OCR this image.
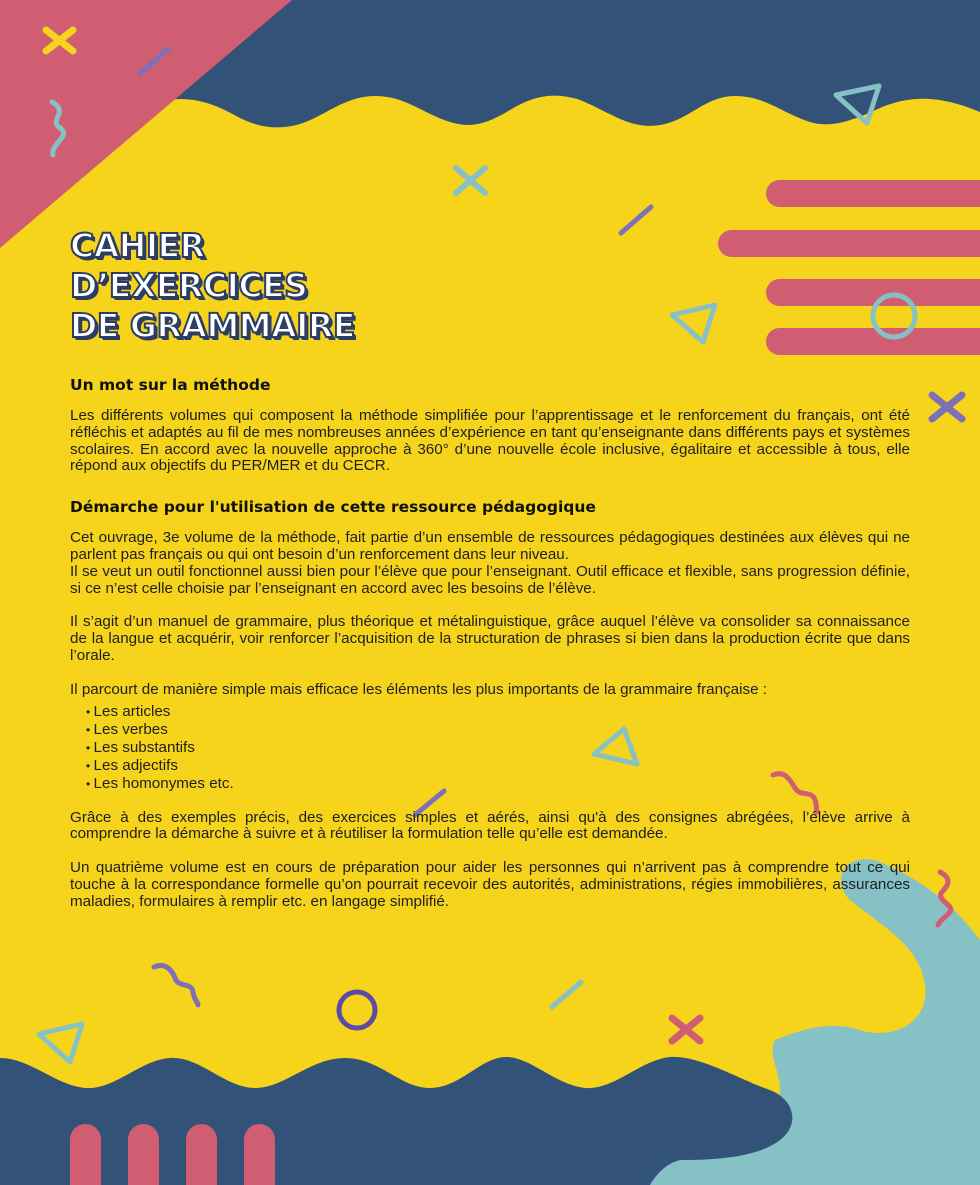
CAHIER
D’EXERCICES
DE GRAMMAIRE
Un mot sur la méthode

Les différents volumes qui composent la méthode simplifiée pour l’apprentissage et le renforcement du français, ont été réfléchis et adaptés au fil de mes nombreuses années d’expérience en tant qu’enseignante dans différents pays et systèmes scolaires. En accord avec la nouvelle approche à 360° d’une nouvelle école inclusive, égalitaire et accessible à tous, elle répond aux objectifs du PER/MER et du CECR.

Démarche pour l'utilisation de cette ressource pédagogique

Cet ouvrage, 3e volume de la méthode, fait partie d’un ensemble de ressources pédagogiques destinées aux élèves qui ne parlent pas français ou qui ont besoin d’un renforcement dans leur niveau.

Il se veut un outil fonctionnel aussi bien pour l’élève que pour l’enseignant. Outil efficace et flexible, sans progression définie, si ce n’est celle choisie par l’enseignant en accord avec les besoins de l’élève.

Il s’agit d’un manuel de grammaire, plus théorique et métalinguistique, grâce auquel l’élève va consolider sa connaissance de la langue et acquérir, voir renforcer l’acquisition de la structuration de phrases si bien dans la production écrite que dans l’orale.

Il parcourt de manière simple mais efficace les éléments les plus importants de la grammaire française :

• Les articles
• Les verbes
• Les substantifs
• Les adjectifs
• Les homonymes etc.

Grâce à des exemples précis, des exercices simples et aérés, ainsi qu'à des consignes abrégées, l’élève arrive à comprendre la démarche à suivre et à réutiliser la formulation telle qu’elle est demandée.

Un quatrième volume est en cours de préparation pour aider les personnes qui n’arrivent pas à comprendre tout ce qui touche à la correspondance formelle qu’on pourrait recevoir des autorités, administrations, régies immobilières, assurances maladies, formulaires à remplir etc. en langage simplifié.
